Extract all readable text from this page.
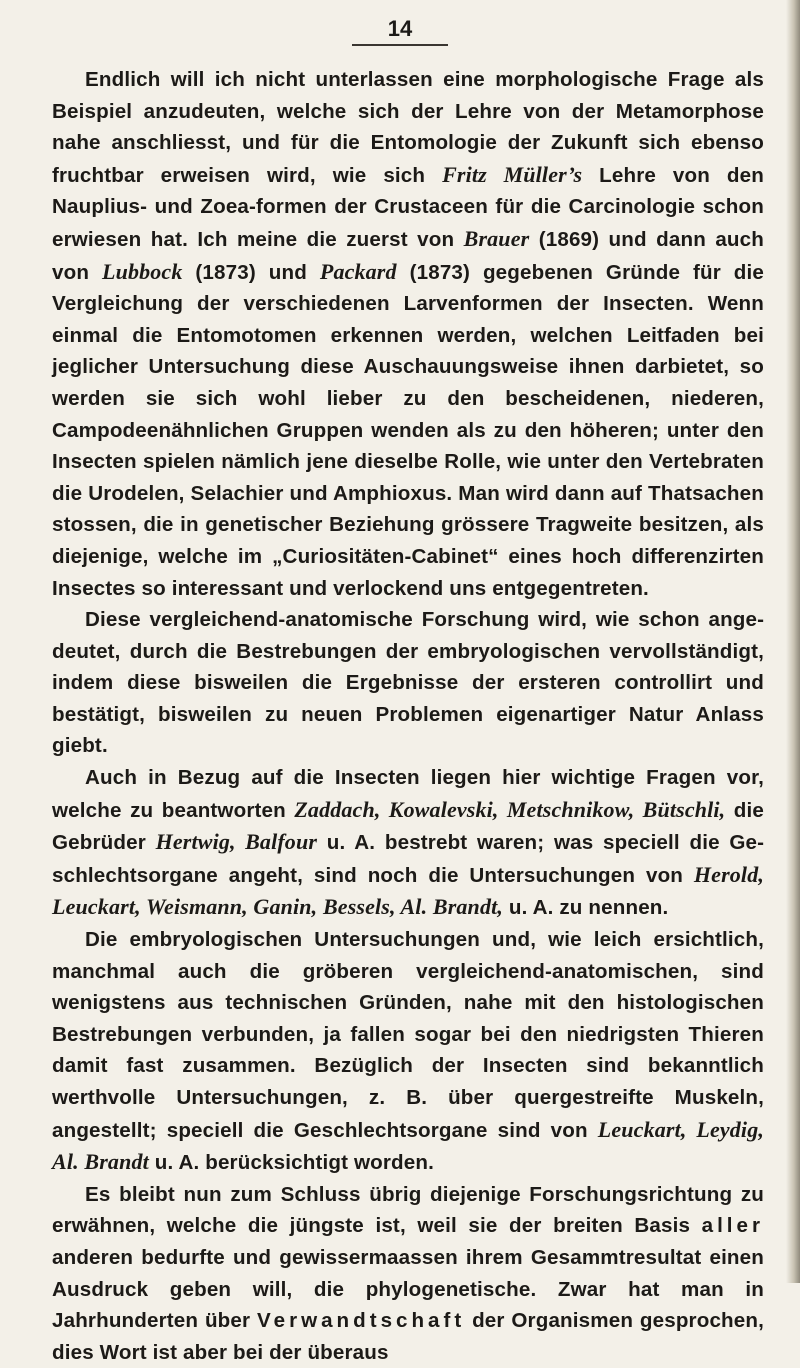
14

Endlich will ich nicht unterlassen eine morphologische Frage als Beispiel anzudeuten, welche sich der Lehre von der Metamorphose nahe anschliesst, und für die Entomologie der Zukunft sich ebenso fruchtbar erweisen wird, wie sich Fritz Müller’s Lehre von den Nauplius- und Zoea-formen der Crustaceen für die Carcinologie schon erwiesen hat. Ich meine die zuerst von Brauer (1869) und dann auch von Lubbock (1873) und Packard (1873) gegebenen Gründe für die Vergleichung der verschiedenen Larvenformen der Insecten. Wenn einmal die Entomotomen erkennen werden, welchen Leitfaden bei jeglicher Untersuchung diese Auschauungsweise ihnen darbietet, so werden sie sich wohl lieber zu den bescheidenen, niederen, Campodeenähnlichen Gruppen wenden als zu den höheren; unter den Insecten spielen nämlich jene dieselbe Rolle, wie unter den Vertebraten die Urodelen, Selachier und Amphioxus. Man wird dann auf Thatsachen stossen, die in genetischer Beziehung grössere Tragweite besitzen, als diejenige, welche im „Curiositäten-Cabinet“ eines hoch differenzirten Insectes so interessant und verlockend uns entgegentreten.

Diese vergleichend-anatomische Forschung wird, wie schon angedeutet, durch die Bestrebungen der embryologischen vervollständigt, indem diese bisweilen die Ergebnisse der ersteren controllirt und bestätigt, bisweilen zu neuen Problemen eigenartiger Natur Anlass giebt.

Auch in Bezug auf die Insecten liegen hier wichtige Fragen vor, welche zu beantworten Zaddach, Kowalevski, Metschnikow, Bütschli, die Gebrüder Hertwig, Balfour u. A. bestrebt waren; was speciell die Geschlechtsorgane angeht, sind noch die Untersuchungen von Herold, Leuckart, Weismann, Ganin, Bessels, Al. Brandt, u. A. zu nennen.

Die embryologischen Untersuchungen und, wie leich ersichtlich, manchmal auch die gröberen vergleichend-anatomischen, sind wenigstens aus technischen Gründen, nahe mit den histologischen Bestrebungen verbunden, ja fallen sogar bei den niedrigsten Thieren damit fast zusammen. Bezüglich der Insecten sind bekanntlich werthvolle Untersuchungen, z. B. über quergestreifte Muskeln, angestellt; speciell die Geschlechtsorgane sind von Leuckart, Leydig, Al. Brandt u. A. berücksichtigt worden.

Es bleibt nun zum Schluss übrig diejenige Forschungsrichtung zu erwähnen, welche die jüngste ist, weil sie der breiten Basis aller anderen bedurfte und gewissermaassen ihrem Gesammtresultat einen Ausdruck geben will, die phylogenetische. Zwar hat man in Jahrhunderten über Verwandtschaft der Organismen gesprochen, dies Wort ist aber bei der überaus
